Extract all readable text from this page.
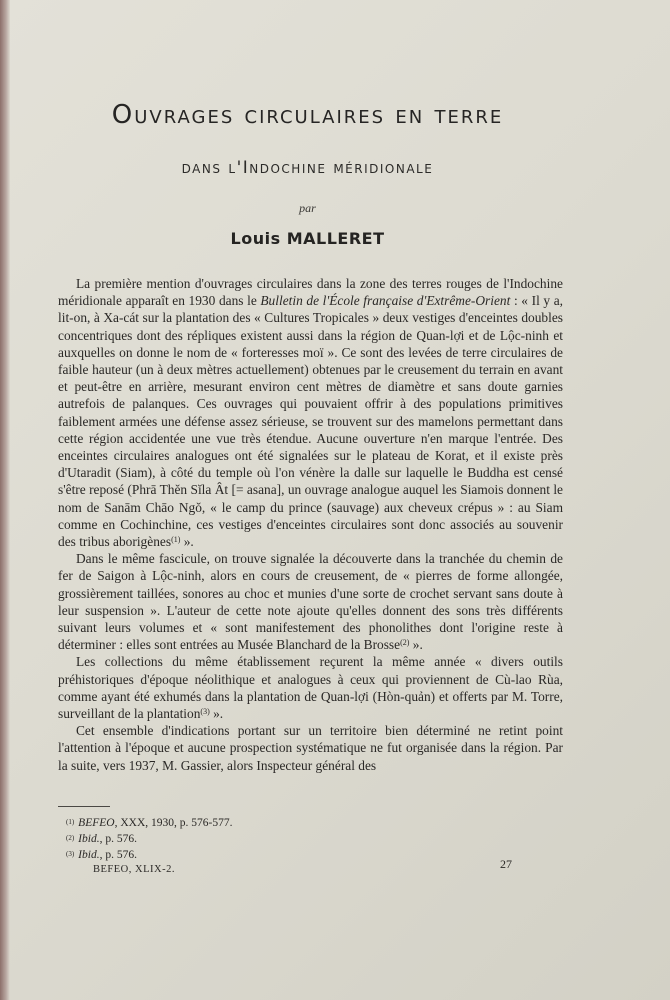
Ouvrages circulaires en terre
dans l'Indochine méridionale
par
Louis MALLERET

La première mention d'ouvrages circulaires dans la zone des terres rouges de l'Indochine méridionale apparaît en 1930 dans le Bulletin de l'École française d'Extrême-Orient : « Il y a, lit-on, à Xa-cát sur la plantation des « Cultures Tropicales » deux vestiges d'enceintes doubles concentriques dont des répliques existent aussi dans la région de Quan-lợi et de Lộc-ninh et auxquelles on donne le nom de « forteresses moï ». Ce sont des levées de terre circulaires de faible hauteur (un à deux mètres actuellement) obtenues par le creusement du terrain en avant et peut-être en arrière, mesurant environ cent mètres de diamètre et sans doute garnies autrefois de palanques. Ces ouvrages qui pouvaient offrir à des populations primitives faiblement armées une défense assez sérieuse, se trouvent sur des mamelons permettant dans cette région accidentée une vue très étendue. Aucune ouverture n'en marque l'entrée. Des enceintes circulaires analogues ont été signalées sur le plateau de Korat, et il existe près d'Utaradit (Siam), à côté du temple où l'on vénère la dalle sur laquelle le Buddha est censé s'être reposé (Phrā Thĕn Sĭla Ât [= asana], un ouvrage analogue auquel les Siamois donnent le nom de Sanām Chāo Ngŏ, « le camp du prince (sauvage) aux cheveux crépus » : au Siam comme en Cochinchine, ces vestiges d'enceintes circulaires sont donc associés au souvenir des tribus aborigènes$^{(1)}$ ».

Dans le même fascicule, on trouve signalée la découverte dans la tranchée du chemin de fer de Saigon à Lộc-ninh, alors en cours de creusement, de « pierres de forme allongée, grossièrement taillées, sonores au choc et munies d'une sorte de crochet servant sans doute à leur suspension ». L'auteur de cette note ajoute qu'elles donnent des sons très différents suivant leurs volumes et « sont manifestement des phonolithes dont l'origine reste à déterminer : elles sont entrées au Musée Blanchard de la Brosse$^{(2)}$ ».

Les collections du même établissement reçurent la même année « divers outils préhistoriques d'époque néolithique et analogues à ceux qui proviennent de Cù-lao Rùa, comme ayant été exhumés dans la plantation de Quan-lợi (Hòn-quản) et offerts par M. Torre, surveillant de la plantation$^{(3)}$ ».

Cet ensemble d'indications portant sur un territoire bien déterminé ne retint point l'attention à l'époque et aucune prospection systématique ne fut organisée dans la région. Par la suite, vers 1937, M. Gassier, alors Inspecteur général des

(1) BEFEO, XXX, 1930, p. 576-577.
(2) Ibid., p. 576.
(3) Ibid., p. 576.
27
BEFEO, XLIX-2.
